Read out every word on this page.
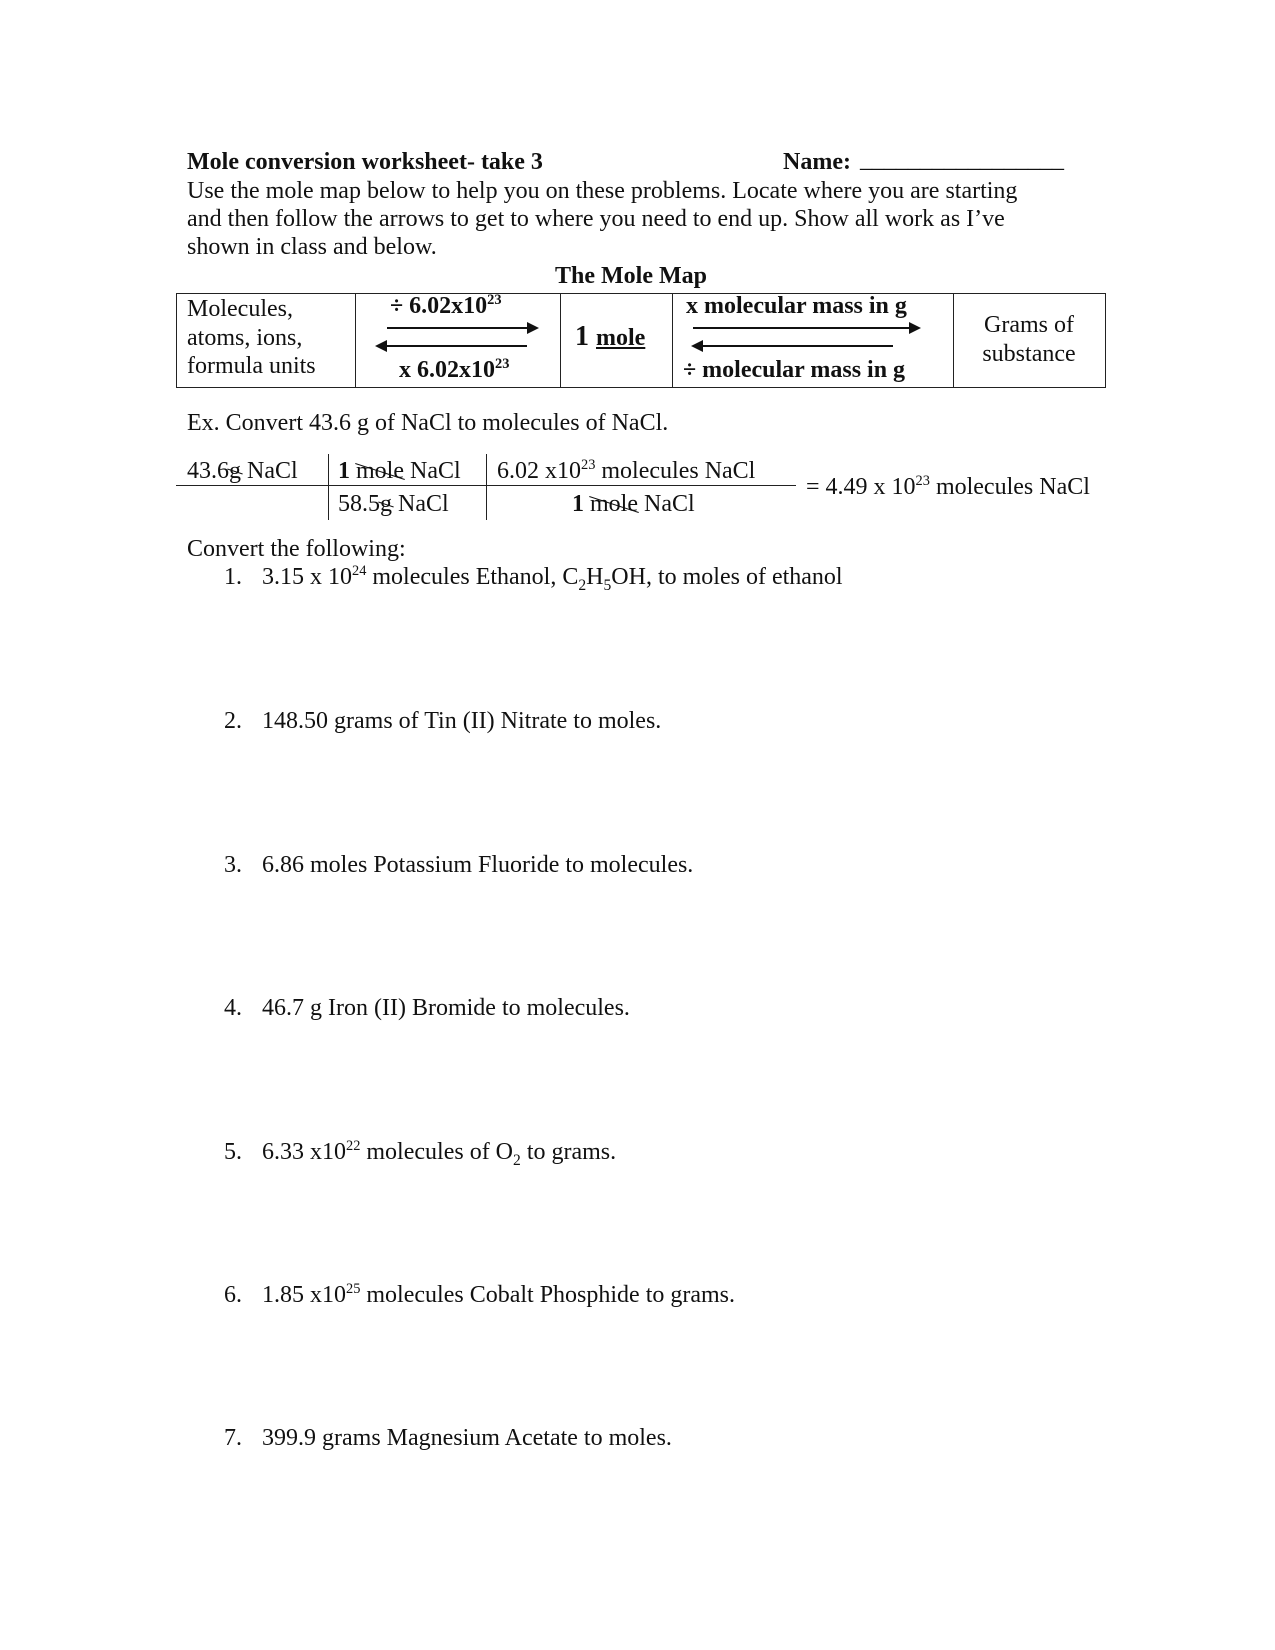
Mole conversion worksheet- take 3	Name: _________________
Use the mole map below to help you on these problems. Locate where you are starting
and then follow the arrows to get to where you need to end up. Show all work as I’ve
shown in class and below.
The Mole Map
Molecules,
atoms, ions,
formula units
÷ $6.02x10^{23}$
x $6.02x10^{23}$
1 mole
x molecular mass in g
÷ molecular mass in g
Grams of
substance
Ex. Convert 43.6 g of NaCl to molecules of NaCl.
43.6g NaCl 1 mole NaCl
58.5g NaCl
6.02 $x10^{23}$ molecules NaCl
1 mole NaCl
= 4.49 x $10^{23}$ molecules NaCl
Convert the following:
1. 3.15 x $10^{24}$ molecules Ethanol, $C_2H_5OH$, to moles of ethanol
2. 148.50 grams of Tin (II) Nitrate to moles.
3. 6.86 moles Potassium Fluoride to molecules.
4. 46.7 g Iron (II) Bromide to molecules.
5. 6.33 $x10^{22}$ molecules of $O_2$ to grams.
6. 1.85 $x10^{25}$ molecules Cobalt Phosphide to grams.
7. 399.9 grams Magnesium Acetate to moles.
